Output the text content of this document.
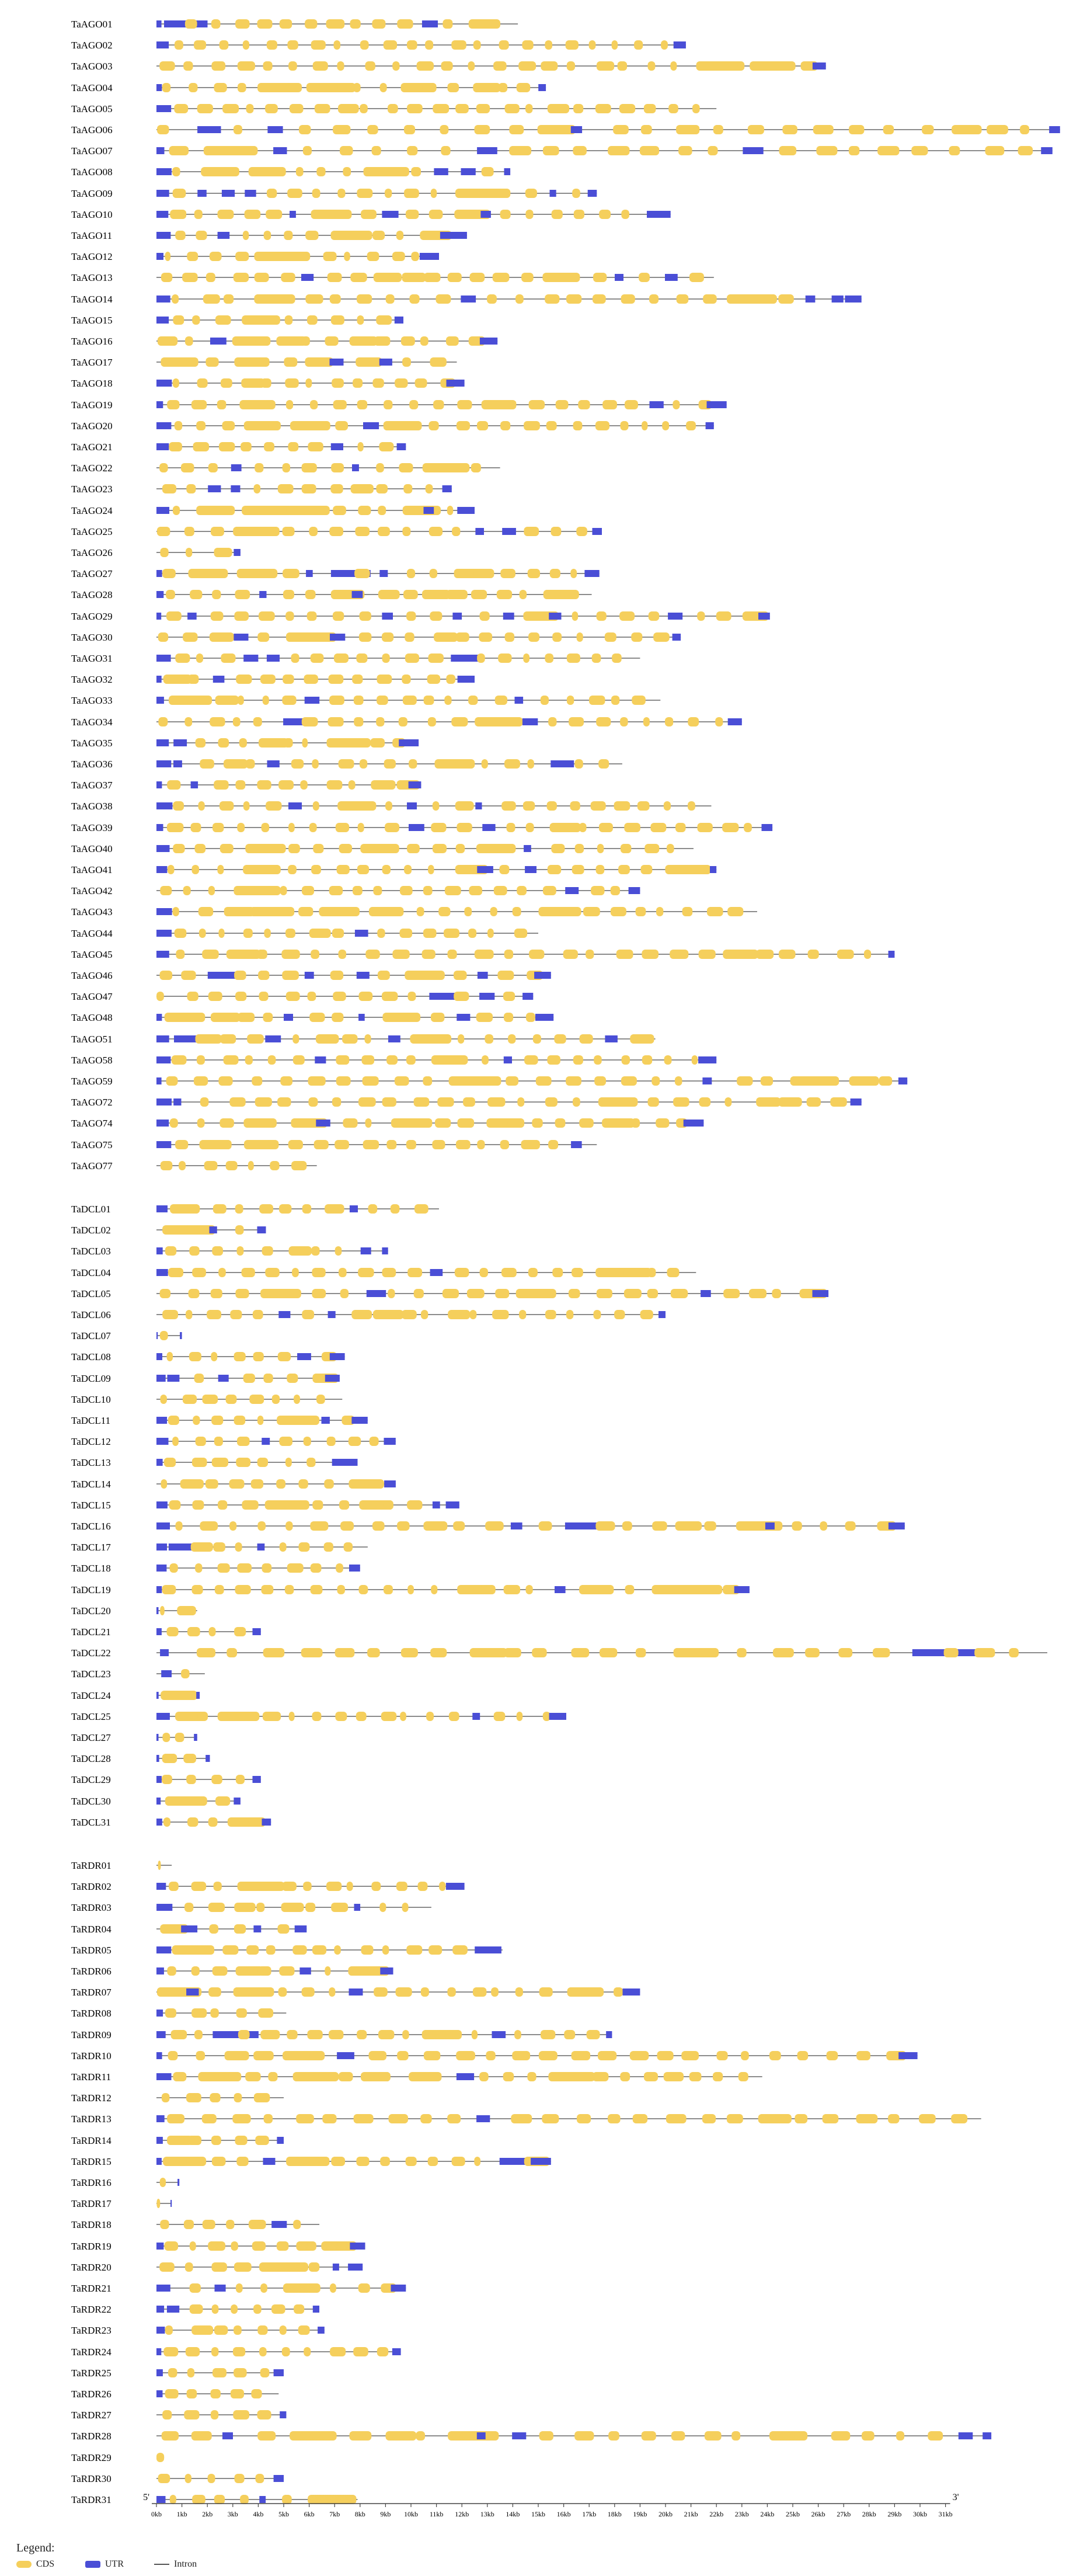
TaAGO01
TaAGO02
TaAGO03
TaAGO04
TaAGO05
TaAGO06
TaAGO07
TaAGO08
TaAGO09
TaAGO10
TaAGO11
TaAGO12
TaAGO13
TaAGO14
TaAGO15
TaAGO16
TaAGO17
TaAGO18
TaAGO19
TaAGO20
TaAGO21
TaAGO22
TaAGO23
TaAGO24
TaAGO25
TaAGO26
TaAGO27
TaAGO28
TaAGO29
TaAGO30
TaAGO31
TaAGO32
TaAGO33
TaAGO34
TaAGO35
TaAGO36
TaAGO37
TaAGO38
TaAGO39
TaAGO40
TaAGO41
TaAGO42
TaAGO43
TaAGO44
TaAGO45
TaAGO46
TaAGO47
TaAGO48
TaAGO51
TaAGO58
TaAGO59
TaAGO72
TaAGO74
TaAGO75
TaAGO77
TaDCL01
TaDCL02
TaDCL03
TaDCL04
TaDCL05
TaDCL06
TaDCL07
TaDCL08
TaDCL09
TaDCL10
TaDCL11
TaDCL12
TaDCL13
TaDCL14
TaDCL15
TaDCL16
TaDCL17
TaDCL18
TaDCL19
TaDCL20
TaDCL21
TaDCL22
TaDCL23
TaDCL24
TaDCL25
TaDCL27
TaDCL28
TaDCL29
TaDCL30
TaDCL31
TaRDR01
TaRDR02
TaRDR03
TaRDR04
TaRDR05
TaRDR06
TaRDR07
TaRDR08
TaRDR09
TaRDR10
TaRDR11
TaRDR12
TaRDR13
TaRDR14
TaRDR15
TaRDR16
TaRDR17
TaRDR18
TaRDR19
TaRDR20
TaRDR21
TaRDR22
TaRDR23
TaRDR24
TaRDR25
TaRDR26
TaRDR27
TaRDR28
TaRDR29
TaRDR30
TaRDR31	5'	3'
0kb 1kb 2kb 3kb 4kb 5kb 6kb 7kb 8kb 9kb 10kb 11kb 12kb 13kb 14kb 15kb 16kb 17kb 18kb 19kb 20kb 21kb 22kb 23kb 24kb 25kb 26kb 27kb 28kb 29kb 30kb 31kb
Legend:
CDS	UTR	Intron
